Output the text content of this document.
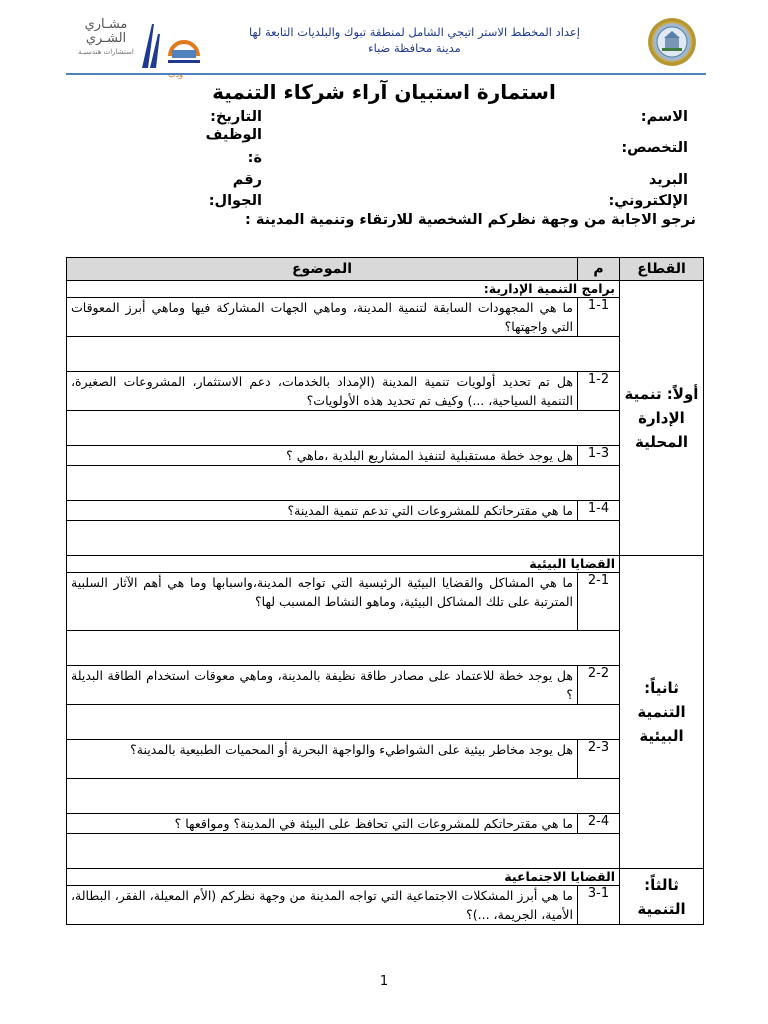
إعداد المخطط الاستر اتيجي الشامل لمنطقة تبوك والبلديات التابعة لها
مدينة محافظة ضباء
مشـاري الشـري
استشارات هندسيـة
استمارة استبيان آراء شركاء التنمية
الاسم:
التاريخ:
التخصص:
الوظيف
ة:
البريد
الإلكتروني:
رقم
الجوال:
نرجو الاجابة من وجهة نظركم الشخصية للارتقاء وتنمية المدينة :
القطاع	م	الموضوع
أولاً: تنمية الإدارة المحلية	برامج التنمية الإدارية:	
	1-1	ما هي المجهودات السابقة لتنمية المدينة، وماهي الجهات المشاركة فيها وماهي أبرز المعوقات التي واجهتها؟

	1-2	هل تم تحديد أولويات تنمية المدينة (الإمداد بالخدمات، دعم الاستثمار، المشروعات الصغيرة، التنمية السياحية، ...) وكيف تم تحديد هذه الأولويات؟

	1-3	هل يوجد خطة مستقبلية لتنفيذ المشاريع البلدية ،ماهي ؟

	1-4	ما هي مقترحاتكم للمشروعات التي تدعم تنمية المدينة؟

ثانياً: التنمية البيئية	القضايا البيئية	
	2-1	ما هي المشاكل والقضايا البيئية الرئيسية التي تواجه المدينة،واسبابها وما هي أهم الآثار السلبية المترتبة على تلك المشاكل البيئية، وماهو النشاط المسبب لها؟

	2-2	هل يوجد خطة للاعتماد على مصادر طاقة نظيفة بالمدينة، وماهي معوقات استخدام الطاقة البديلة ؟

	2-3	هل يوجد مخاطر بيئية على الشواطيء والواجهة البحرية أو المحميات الطبيعية بالمدينة؟

	2-4	ما هي مقترحاتكم للمشروعات التي تحافظ على البيئة في المدينة؟ ومواقعها ؟

ثالثاً: التنمية	القضايا الاجتماعية	
	3-1	ما هي أبرز المشكلات الاجتماعية التي تواجه المدينة من وجهة نظركم (الأم المعيلة، الفقر، البطالة، الأمية، الجريمة، ...)؟
1
